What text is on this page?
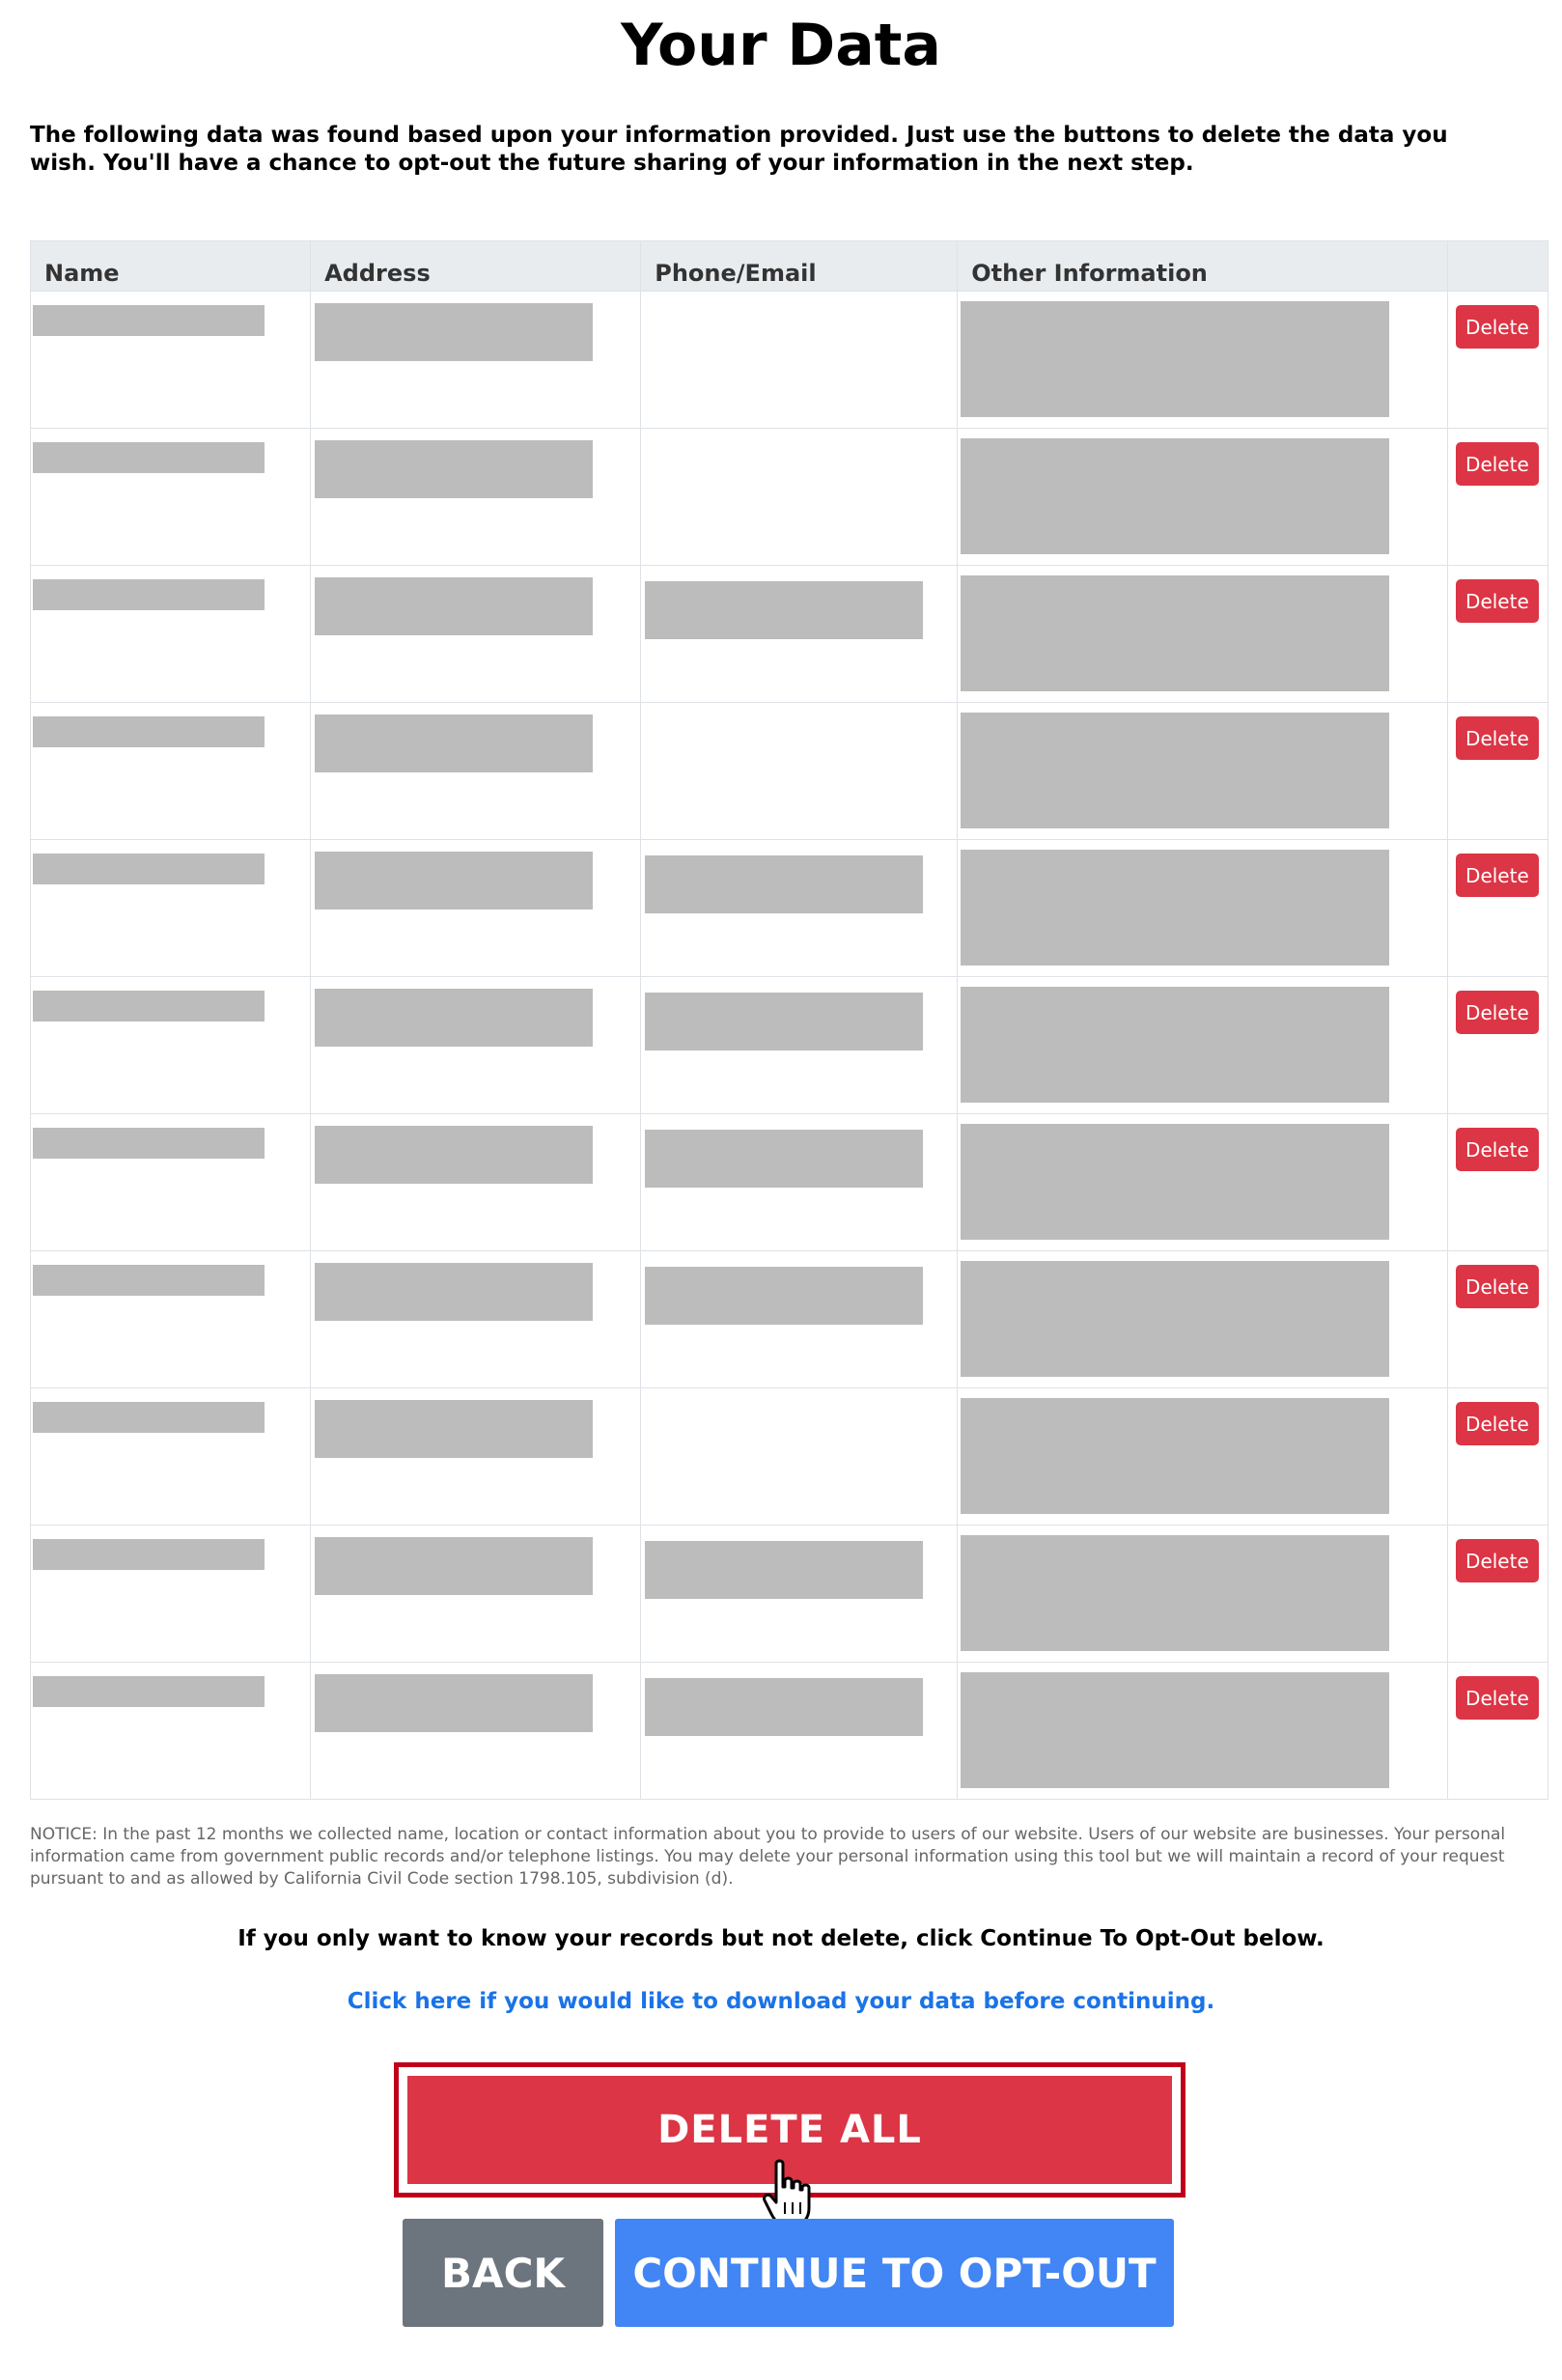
Your Data
The following data was found based upon your information provided. Just use the buttons to delete the data you wish. You'll have a chance to opt-out the future sharing of your information in the next step.
Name	Address	Phone/Email	Other Information	

				Delete

				Delete

				Delete

				Delete

				Delete

				Delete

				Delete

				Delete

				Delete

				Delete

				Delete
NOTICE: In the past 12 months we collected name, location or contact information about you to provide to users of our website. Users of our website are businesses. Your personal information came from government public records and/or telephone listings. You may delete your personal information using this tool but we will maintain a record of your request pursuant to and as allowed by California Civil Code section 1798.105, subdivision (d).
If you only want to know your records but not delete, click Continue To Opt-Out below.
Click here if you would like to download your data before continuing.
DELETE ALL
BACK	CONTINUE TO OPT-OUT
